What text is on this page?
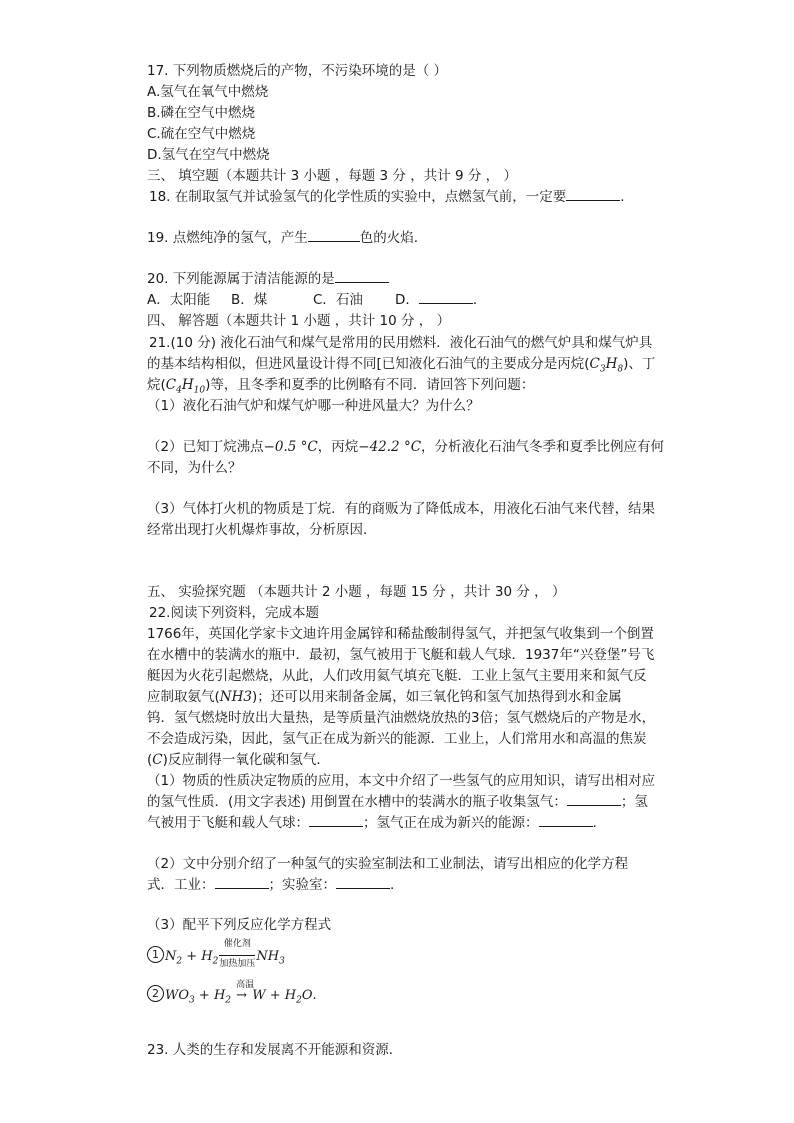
17. 下列物质燃烧后的产物，不污染环境的是（ ）
A.氢气在氧气中燃烧
B.磷在空气中燃烧
C.硫在空气中燃烧
D.氢气在空气中燃烧
三、 填空题（本题共计 3 小题 ，每题 3 分 ，共计 9 分 ， ）
18. 在制取氢气并试验氢气的化学性质的实验中，点燃氢气前，一定要	.
19. 点燃纯净的氢气，产生	色的火焰.
20. 下列能源属于清洁能源的是
A．太阳能 B．煤	C．石油 D．	．
四、 解答题（本题共计 1 小题 ，共计 10 分 ， ）
21.(10 分) 液化石油气和煤气是常用的民用燃料．液化石油气的燃气炉具和煤气炉具
的基本结构相似，但进风量设计得不同[已知液化石油气的主要成分是丙烷$(C_3H_8)$、丁
烷$(C_4H_{10})$等，且冬季和夏季的比例略有不同．请回答下列问题：
（1）液化石油气炉和煤气炉哪一种进风量大？为什么？
（2）已知丁烷沸点−0.5 °C，丙烷−42.2 °C，分析液化石油气冬季和夏季比例应有何
不同，为什么？
（3）气体打火机的物质是丁烷．有的商贩为了降低成本，用液化石油气来代替，结果
经常出现打火机爆炸事故，分析原因．
五、 实验探究题 （本题共计 2 小题 ，每题 15 分 ，共计 30 分 ， ）
22.阅读下列资料，完成本题
1766年，英国化学家卡文迪许用金属锌和稀盐酸制得氢气，并把氢气收集到一个倒置
在水槽中的装满水的瓶中．最初，氢气被用于飞艇和载人气球．1937年“兴登堡”号飞
艇因为火花引起燃烧，从此，人们改用氦气填充飞艇．工业上氢气主要用来和氮气反
应制取氨气(NH3)；还可以用来制备金属，如三氧化钨和氢气加热得到水和金属
钨．氢气燃烧时放出大量热，是等质量汽油燃烧放热的3倍；氢气燃烧后的产物是水，
不会造成污染，因此，氢气正在成为新兴的能源．工业上，人们常用水和高温的焦炭
(C)反应制得一氧化碳和氢气．
（1）物质的性质决定物质的应用，本文中介绍了一些氢气的应用知识，请写出相对应
的氢气性质．(用文字表述) 用倒置在水槽中的装满水的瓶子收集氢气：	；氢
气被用于飞艇和载人气球：	；氢气正在成为新兴的能源：	.
（2）文中分别介绍了一种氢气的实验室制法和工业制法，请写出相应的化学方程
式．工业：	；实验室：	.
（3）配平下列反应化学方程式
1 $N_2 + H_2$
催化剂
加热加压 $NH_3$
2 $WO_3 + H_2$
高温
→ $W + H_2O$.
23. 人类的生存和发展离不开能源和资源．
